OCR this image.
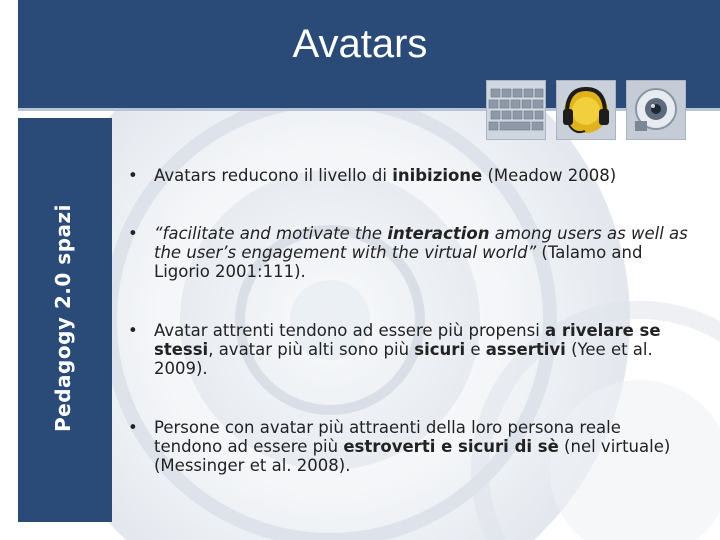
Avatars
Pedagogy 2.0 spazi
• Avatars reducono il livello di inibizione (Meadow 2008)
• “facilitate and motivate the interaction among users as well as the user’s engagement with the virtual world” (Talamo and Ligorio 2001:111).
• Avatar attrenti tendono ad essere più propensi a rivelare se stessi, avatar più alti sono più sicuri e assertivi (Yee et al. 2009).
• Persone con avatar più attraenti della loro persona reale tendono ad essere più estroverti e sicuri di sè (nel virtuale) (Messinger et al. 2008).
